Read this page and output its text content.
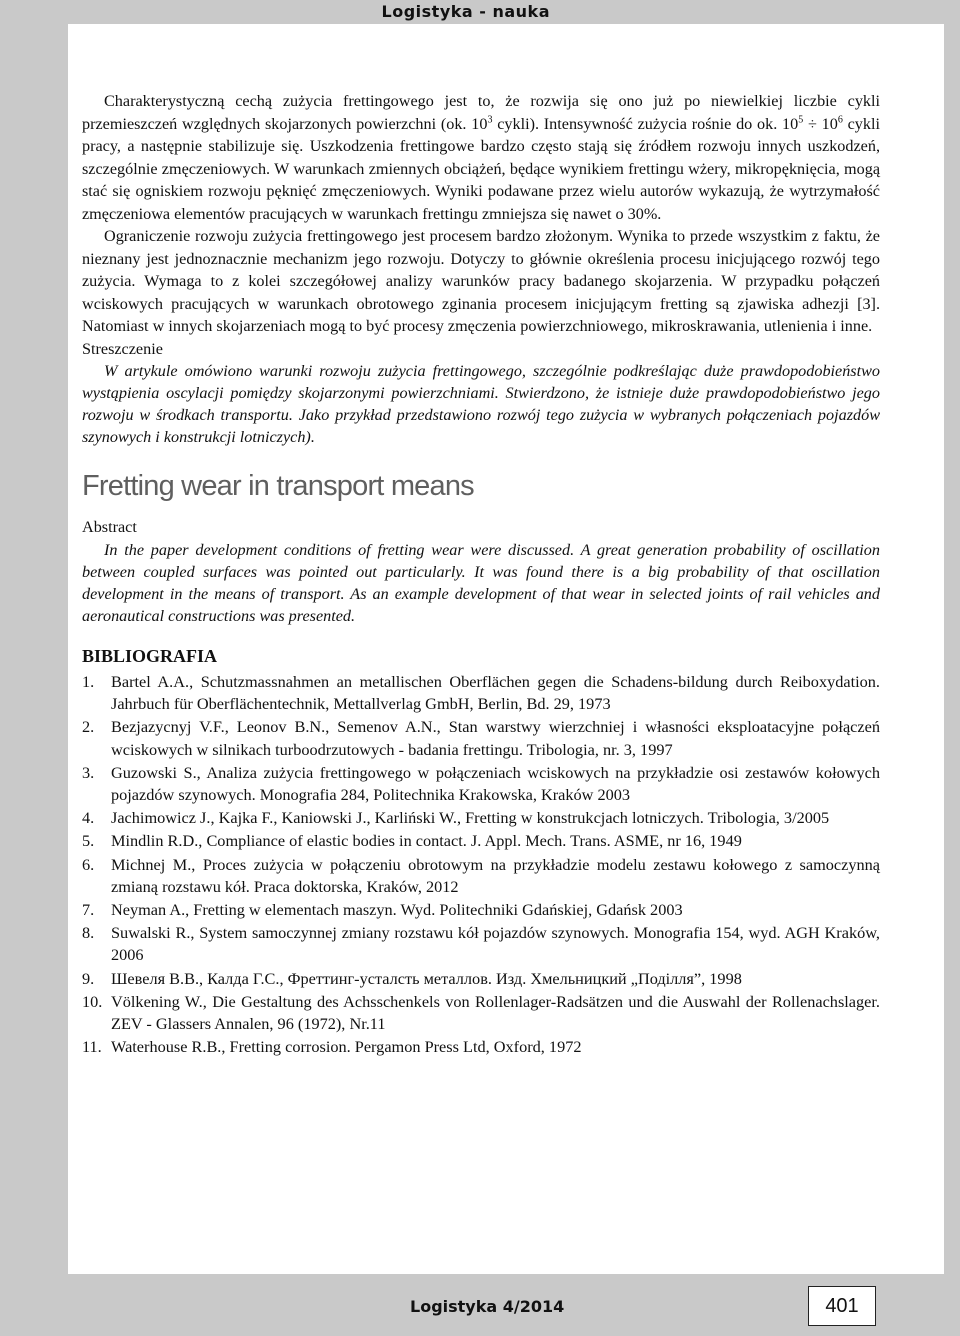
Logistyka - nauka

Charakterystyczną cechą zużycia frettingowego jest to, że rozwija się ono już po niewielkiej liczbie cykli przemieszczeń względnych skojarzonych powierzchni (ok. $10^3$ cykli). Intensywność zużycia rośnie do ok. $10^5 \div 10^6$ cykli pracy, a następnie stabilizuje się. Uszkodzenia frettingowe bardzo często stają się źródłem rozwoju innych uszkodzeń, szczególnie zmęczeniowych. W warunkach zmiennych obciążeń, będące wynikiem frettingu wżery, mikropęknięcia, mogą stać się ogniskiem rozwoju pęknięć zmęczeniowych. Wyniki podawane przez wielu autorów wykazują, że wytrzymałość zmęczeniowa elementów pracujących w warunkach frettingu zmniejsza się nawet o 30%.

Ograniczenie rozwoju zużycia frettingowego jest procesem bardzo złożonym. Wynika to przede wszystkim z faktu, że nieznany jest jednoznacznie mechanizm jego rozwoju. Dotyczy to głównie określenia procesu inicjującego rozwój tego zużycia. Wymaga to z kolei szczegółowej analizy warunków pracy badanego skojarzenia. W przypadku połączeń wciskowych pracujących w warunkach obrotowego zginania procesem inicjującym fretting są zjawiska adhezji [3]. Natomiast w innych skojarzeniach mogą to być procesy zmęczenia powierzchniowego, mikroskrawania, utlenienia i inne.

Streszczenie

W artykule omówiono warunki rozwoju zużycia frettingowego, szczególnie podkreślając duże prawdopodobieństwo wystąpienia oscylacji pomiędzy skojarzonymi powierzchniami. Stwierdzono, że istnieje duże prawdopodobieństwo jego rozwoju w środkach transportu. Jako przykład przedstawiono rozwój tego zużycia w wybranych połączeniach pojazdów szynowych i konstrukcji lotniczych).

Fretting wear in transport means

Abstract

In the paper development conditions of fretting wear were discussed. A great generation probability of oscillation between coupled surfaces was pointed out particularly. It was found there is a big probability of that oscillation development in the means of transport. As an example development of that wear in selected joints of rail vehicles and aeronautical constructions was presented.

BIBLIOGRAFIA
1. Bartel A.A., Schutzmassnahmen an metallischen Oberflächen gegen die Schadens-bildung durch Reiboxydation. Jahrbuch für Oberflächentechnik, Mettallverlag GmbH, Berlin, Bd. 29, 1973
2. Bezjazycnyj V.F., Leonov B.N., Semenov A.N., Stan warstwy wierzchniej i własności eksploatacyjne połączeń wciskowych w silnikach turboodrzutowych - badania frettingu. Tribologia, nr. 3, 1997
3. Guzowski S., Analiza zużycia frettingowego w połączeniach wciskowych na przykładzie osi zestawów kołowych pojazdów szynowych. Monografia 284, Politechnika Krakowska, Kraków 2003
4. Jachimowicz J., Kajka F., Kaniowski J., Karliński W., Fretting w konstrukcjach lotniczych. Tribologia, 3/2005
5. Mindlin R.D., Compliance of elastic bodies in contact. J. Appl. Mech. Trans. ASME, nr 16, 1949
6. Michnej M., Proces zużycia w połączeniu obrotowym na przykładzie modelu zestawu kołowego z samoczynną zmianą rozstawu kół. Praca doktorska, Kraków, 2012
7. Neyman A., Fretting w elementach maszyn. Wyd. Politechniki Gdańskiej, Gdańsk 2003
8. Suwalski R., System samoczynnej zmiany rozstawu kół pojazdów szynowych. Monografia 154, wyd. AGH Kraków, 2006
9. Шевеля В.В., Калда Г.С., Фреттинг-усталсть металлов. Изд. Хмельницкий „Поділля”, 1998
10. Völkening W., Die Gestaltung des Achsschenkels von Rollenlager-Radsätzen und die Auswahl der Rollenachslager. ZEV - Glassers Annalen, 96 (1972), Nr.11
11. Waterhouse R.B., Fretting corrosion. Pergamon Press Ltd, Oxford, 1972
Logistyka 4/2014	401
